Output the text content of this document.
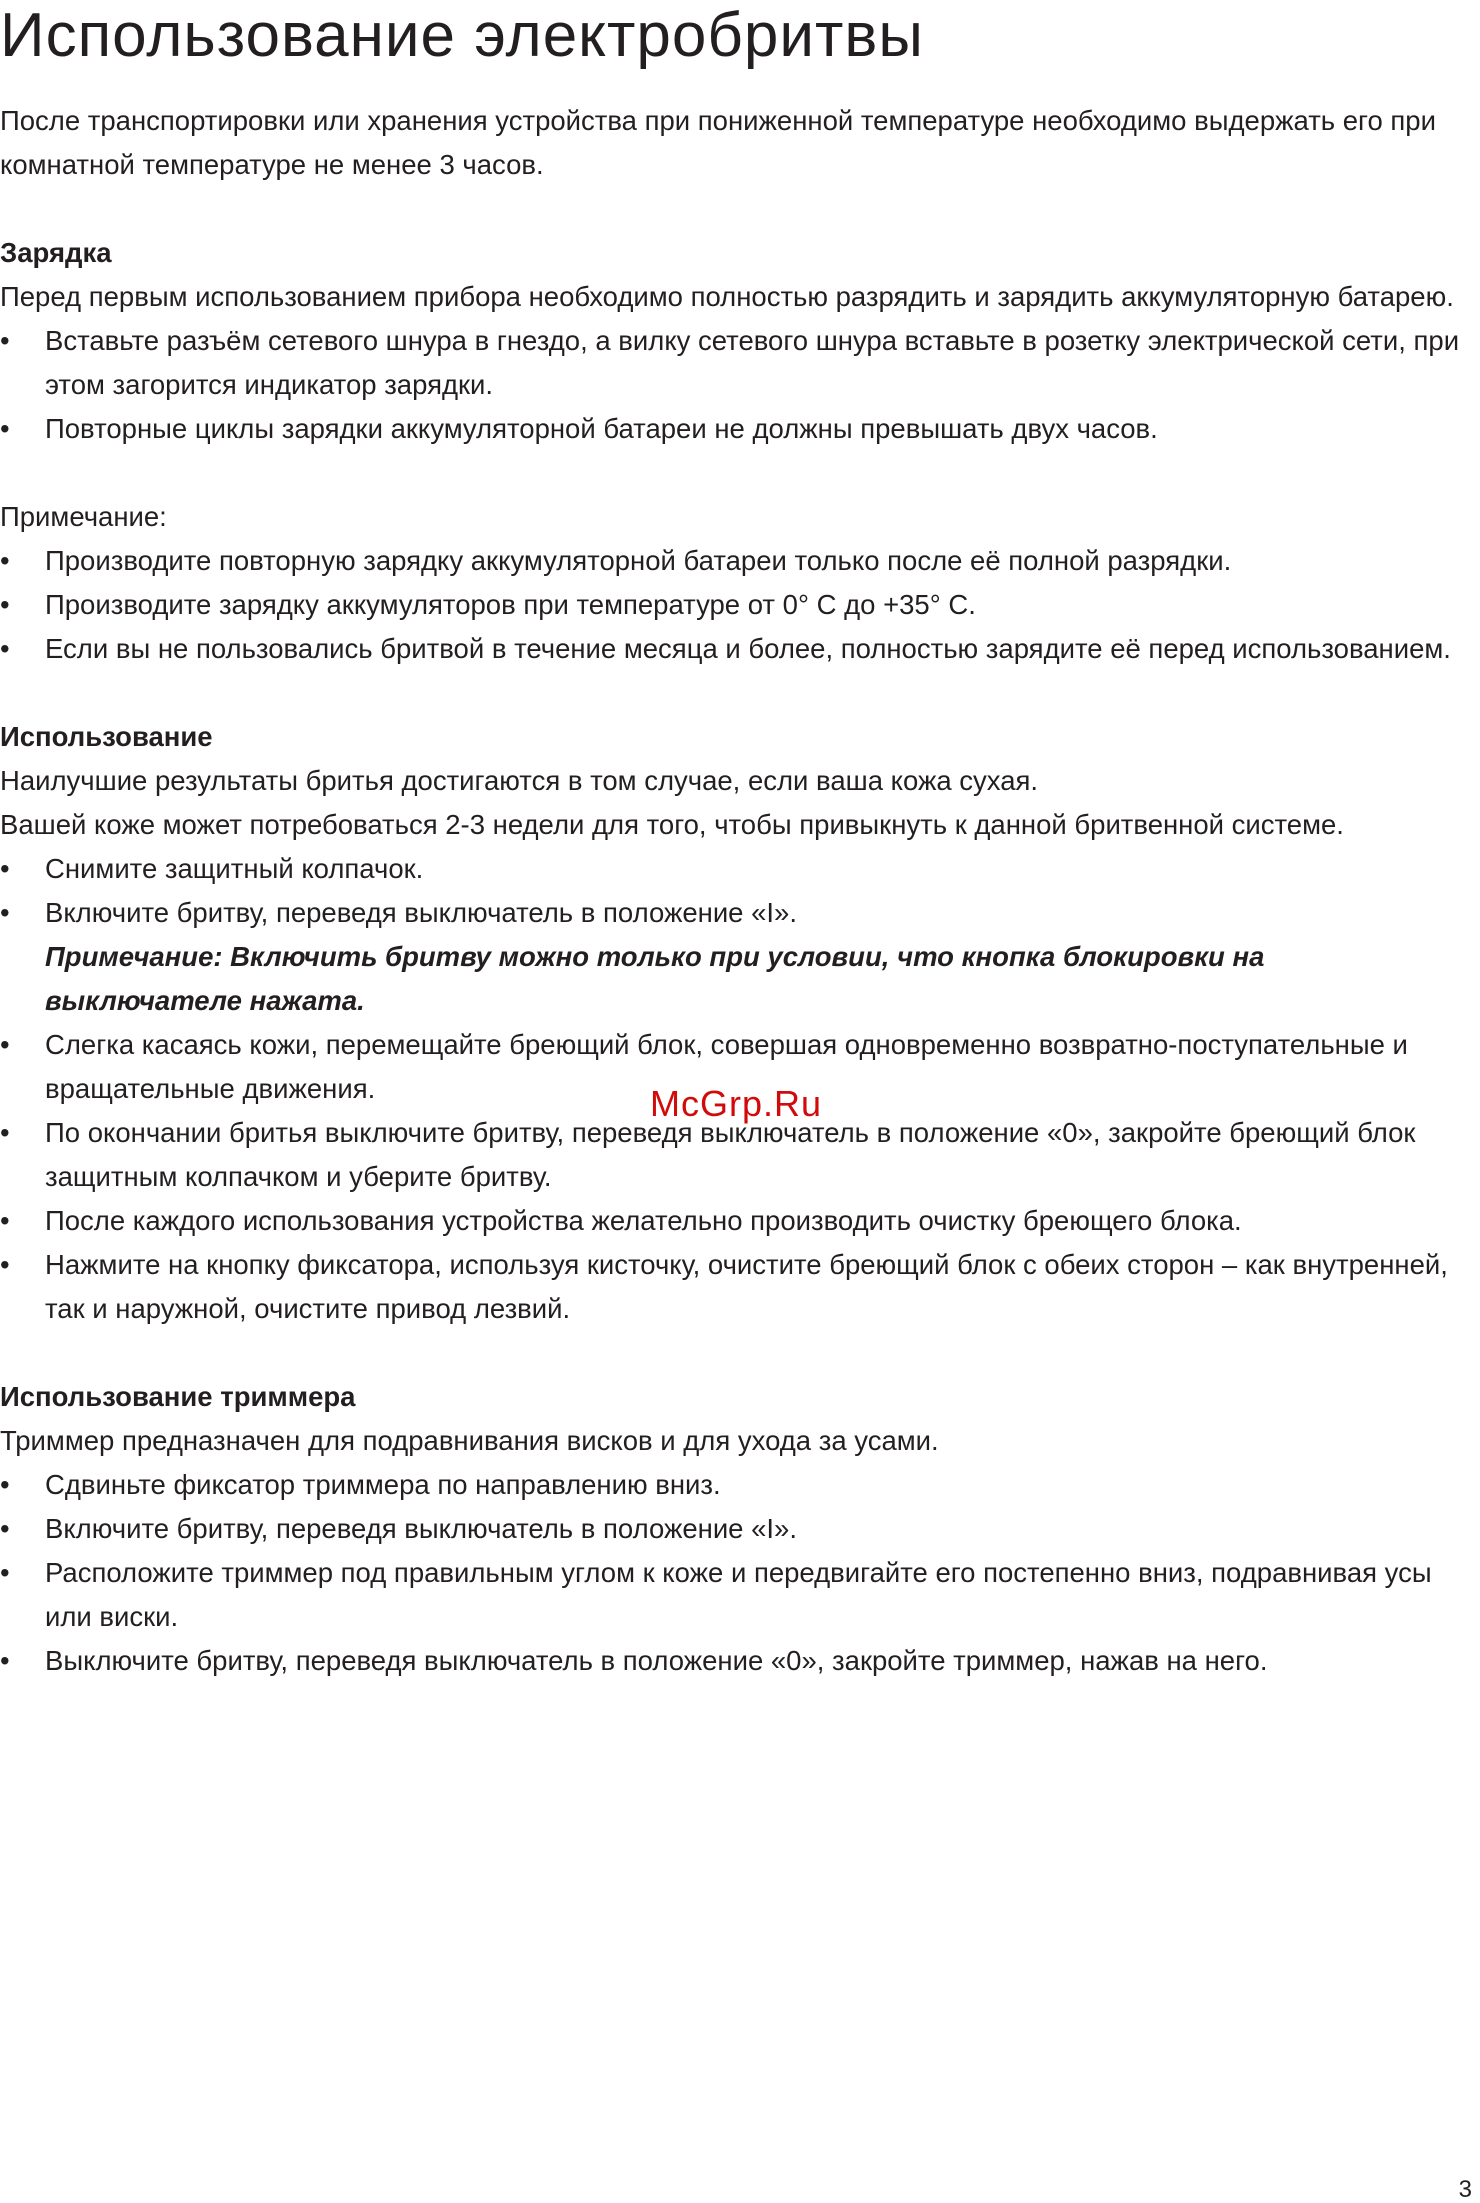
Использование электробритвы

После транспортировки или хранения устройства при пониженной температуре необходимо выдержать его при комнатной температуре не менее 3 часов.

Зарядка

Перед первым использованием прибора необходимо полностью разрядить и зарядить аккумуляторную батарею.

• Вставьте разъём сетевого шнура в гнездо, а вилку сетевого шнура вставьте в розетку электрической сети, при этом загорится индикатор зарядки.
• Повторные циклы зарядки аккумуляторной батареи не должны превышать двух часов.

Примечание:

• Производите повторную зарядку аккумуляторной батареи только после её полной разрядки.
• Производите зарядку аккумуляторов при температуре от 0° C до +35° C.
• Если вы не пользовались бритвой в течение месяца и более, полностью зарядите её перед использованием.
Использование

Наилучшие результаты бритья достигаются в том случае, если ваша кожа сухая.

Вашей коже может потребоваться 2-3 недели для того, чтобы привыкнуть к данной бритвенной системе.

• Снимите защитный колпачок.
• Включите бритву, переведя выключатель в положение «I».
Примечание: Включить бритву можно только при условии, что кнопка блокировки на выключателе нажата.
• Слегка касаясь кожи, перемещайте бреющий блок, совершая одновременно возвратно-поступательные и вращательные движения.
• По окончании бритья выключите бритву, переведя выключатель в положение «0», закройте бреющий блок защитным колпачком и уберите бритву.
• После каждого использования устройства желательно производить очистку бреющего блока.
• Нажмите на кнопку фиксатора, используя кисточку, очистите бреющий блок с обеих сторон – как внутренней, так и наружной, очистите привод лезвий.
Использование триммера

Триммер предназначен для подравнивания висков и для ухода за усами.

• Сдвиньте фиксатор триммера по направлению вниз.
• Включите бритву, переведя выключатель в положение «I».
• Расположите триммер под правильным углом к коже и передвигайте его постепенно вниз, подравнивая усы или виски.
• Выключите бритву, переведя выключатель в положение «0», закройте триммер, нажав на него.
McGrp.Ru
3
